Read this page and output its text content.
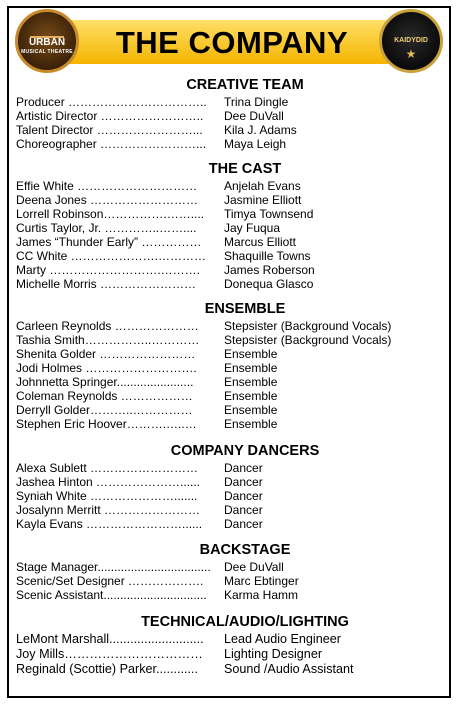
THE COMPANY
URBAN
MUSICAL THEATRE
KAIDYDID
★
CREATIVE TEAM
Producer …………………………….. Trina Dingle
Artistic Director …………………….. Dee DuVall
Talent Director ……………………... Kila J. Adams
Choreographer ……………………... Maya Leigh
THE CAST
Effie White ………………………… Anjelah Evans
Deena Jones ……………………… Jasmine Elliott
Lorrell Robinson…………….…….... Timya Townsend
Curtis Taylor, Jr. …………..…….... Jay Fuqua
James “Thunder Early” …………… Marcus Elliott
CC White ………………….………… Shaquille Towns
Marty ……………………….………. James Roberson
Michelle Morris …………………… Donequa Glasco
ENSEMBLE
Carleen Reynolds ………………… Stepsister (Background Vocals)
Tashia Smith……………..………… Stepsister (Background Vocals)
Shenita Golder …………………… Ensemble
Jodi Holmes ………………………. Ensemble
Johnnetta Springer.......................	Ensemble
Coleman Reynolds ………………	Ensemble
Derryll Golder………..……………	Ensemble
Stephen Eric Hoover……….…..… Ensemble
COMPANY DANCERS
Alexa Sublett ……………………… Dancer
Jashea Hinton …………………...... Dancer
Syniah White …………………....... Dancer
Josalynn Merritt …………………… Dancer
Kayla Evans ……………………...... Dancer
BACKSTAGE
Stage Manager.................................. Dee DuVall
Scenic/Set Designer ………………. Marc Ebtinger
Scenic Assistant............................... Karma Hamm
TECHNICAL/AUDIO/LIGHTING
LeMont Marshall........................... Lead Audio Engineer
Joy Mills…………………………… Lighting Designer
Reginald (Scottie) Parker............ Sound /Audio Assistant
